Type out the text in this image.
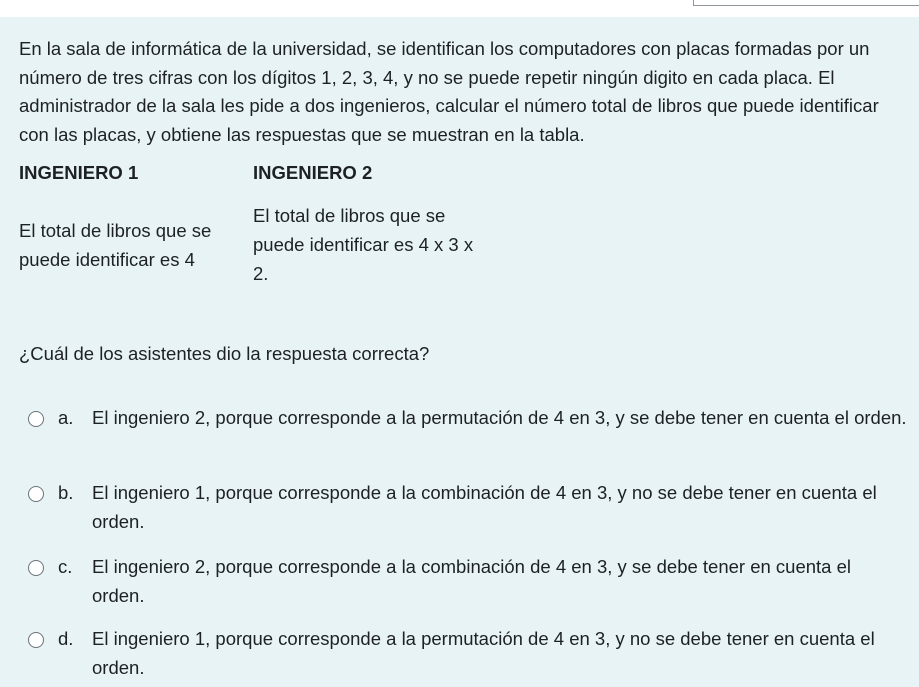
En la sala de informática de la universidad, se identifican los computadores con placas formadas por un número de tres cifras con los dígitos 1, 2, 3, 4, y no se puede repetir ningún digito en cada placa. El administrador de la sala les pide a dos ingenieros, calcular el número total de libros que puede identificar con las placas, y obtiene las respuestas que se muestran en la tabla.
INGENIERO 1	INGENIERO 2
El total de libros que se puede identificar es 4
El total de libros que se puede identificar es 4 x 3 x 2.
¿Cuál de los asistentes dio la respuesta correcta?
a. El ingeniero 2, porque corresponde a la permutación de 4 en 3, y se debe tener en cuenta el orden.
b. El ingeniero 1, porque corresponde a la combinación de 4 en 3, y no se debe tener en cuenta el orden.
c. El ingeniero 2, porque corresponde a la combinación de 4 en 3, y se debe tener en cuenta el orden.
d. El ingeniero 1, porque corresponde a la permutación de 4 en 3, y no se debe tener en cuenta el orden.
